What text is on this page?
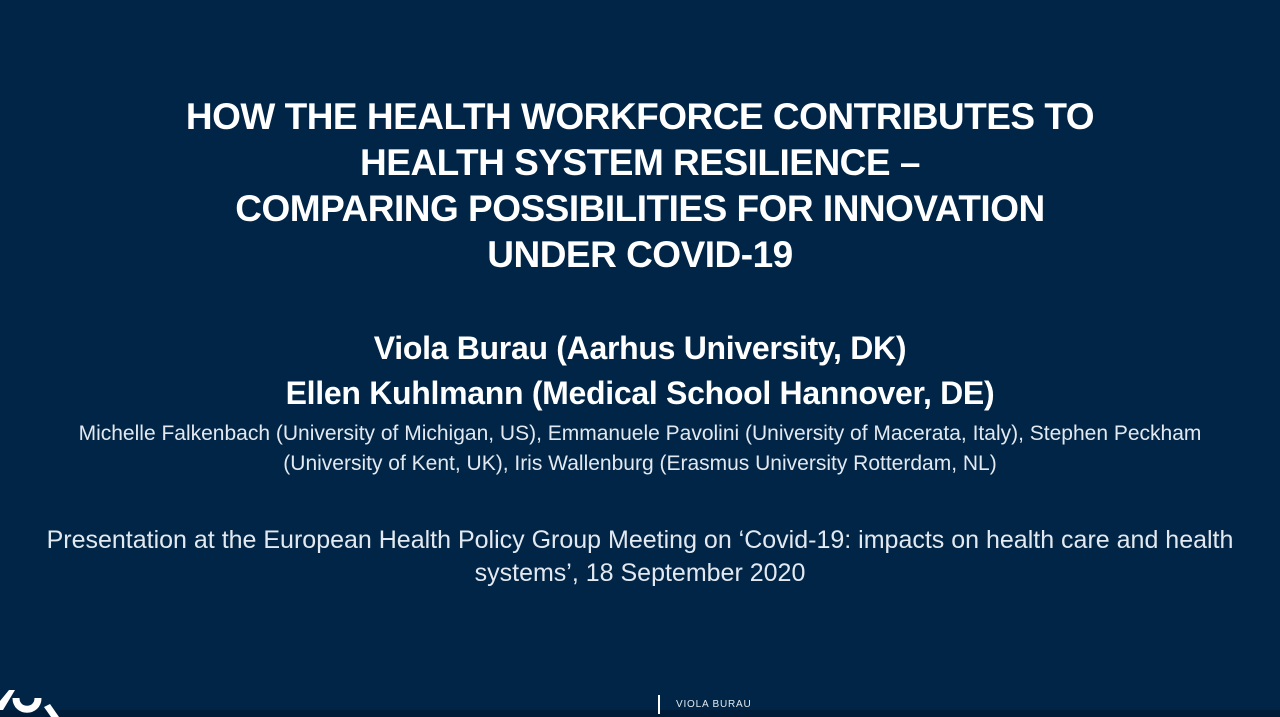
HOW THE HEALTH WORKFORCE CONTRIBUTES TO
HEALTH SYSTEM RESILIENCE –
COMPARING POSSIBILITIES FOR INNOVATION
UNDER COVID-19
Viola Burau (Aarhus University, DK)
Ellen Kuhlmann (Medical School Hannover, DE)
Michelle Falkenbach (University of Michigan, US), Emmanuele Pavolini (University of Macerata, Italy), Stephen Peckham (University of Kent, UK), Iris Wallenburg (Erasmus University Rotterdam, NL)
Presentation at the European Health Policy Group Meeting on ‘Covid-19: impacts on health care and health systems’, 18 September 2020
VIOLA BURAU
